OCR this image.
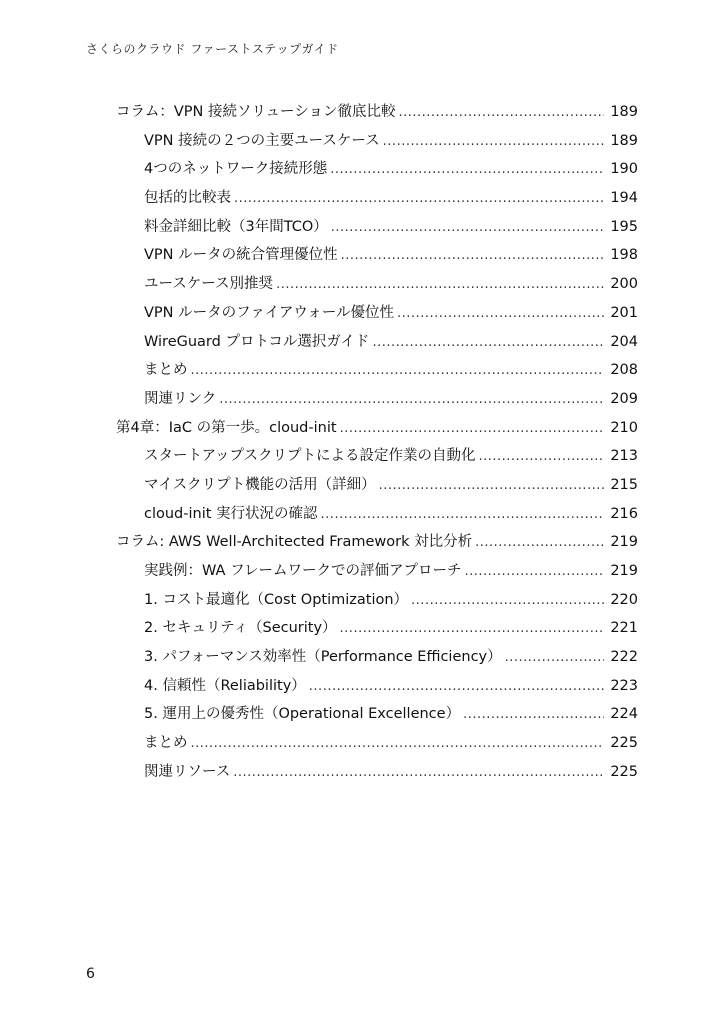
さくらのクラウド ファーストステップガイド
コラム：VPN 接続ソリューション徹底比較 .....	189
VPN 接続の２つの主要ユースケース .....	189
4つのネットワーク接続形態 .....	190
包括的比較表 .....	194
料金詳細比較（3年間TCO） .....	195
VPN ルータの統合管理優位性 .....	198
ユースケース別推奨 .....	200
VPN ルータのファイアウォール優位性 .....	201
WireGuard プロトコル選択ガイド .....	204
まとめ .....	208
関連リンク .....	209
第4章：IaC の第一歩。cloud-init .....	210
スタートアップスクリプトによる設定作業の自動化 .....	213
マイスクリプト機能の活用（詳細） .....	215
cloud-init 実行状況の確認 .....	216
コラム: AWS Well-Architected Framework 対比分析 .....	219
実践例：WA フレームワークでの評価アプローチ .....	219
1. コスト最適化（Cost Optimization） .....	220
2. セキュリティ（Security） .....	221
3. パフォーマンス効率性（Performance Efficiency） .....	222
4. 信頼性（Reliability） .....	223
5. 運用上の優秀性（Operational Excellence） .....	224
まとめ .....	225
関連リソース .....	225
6
